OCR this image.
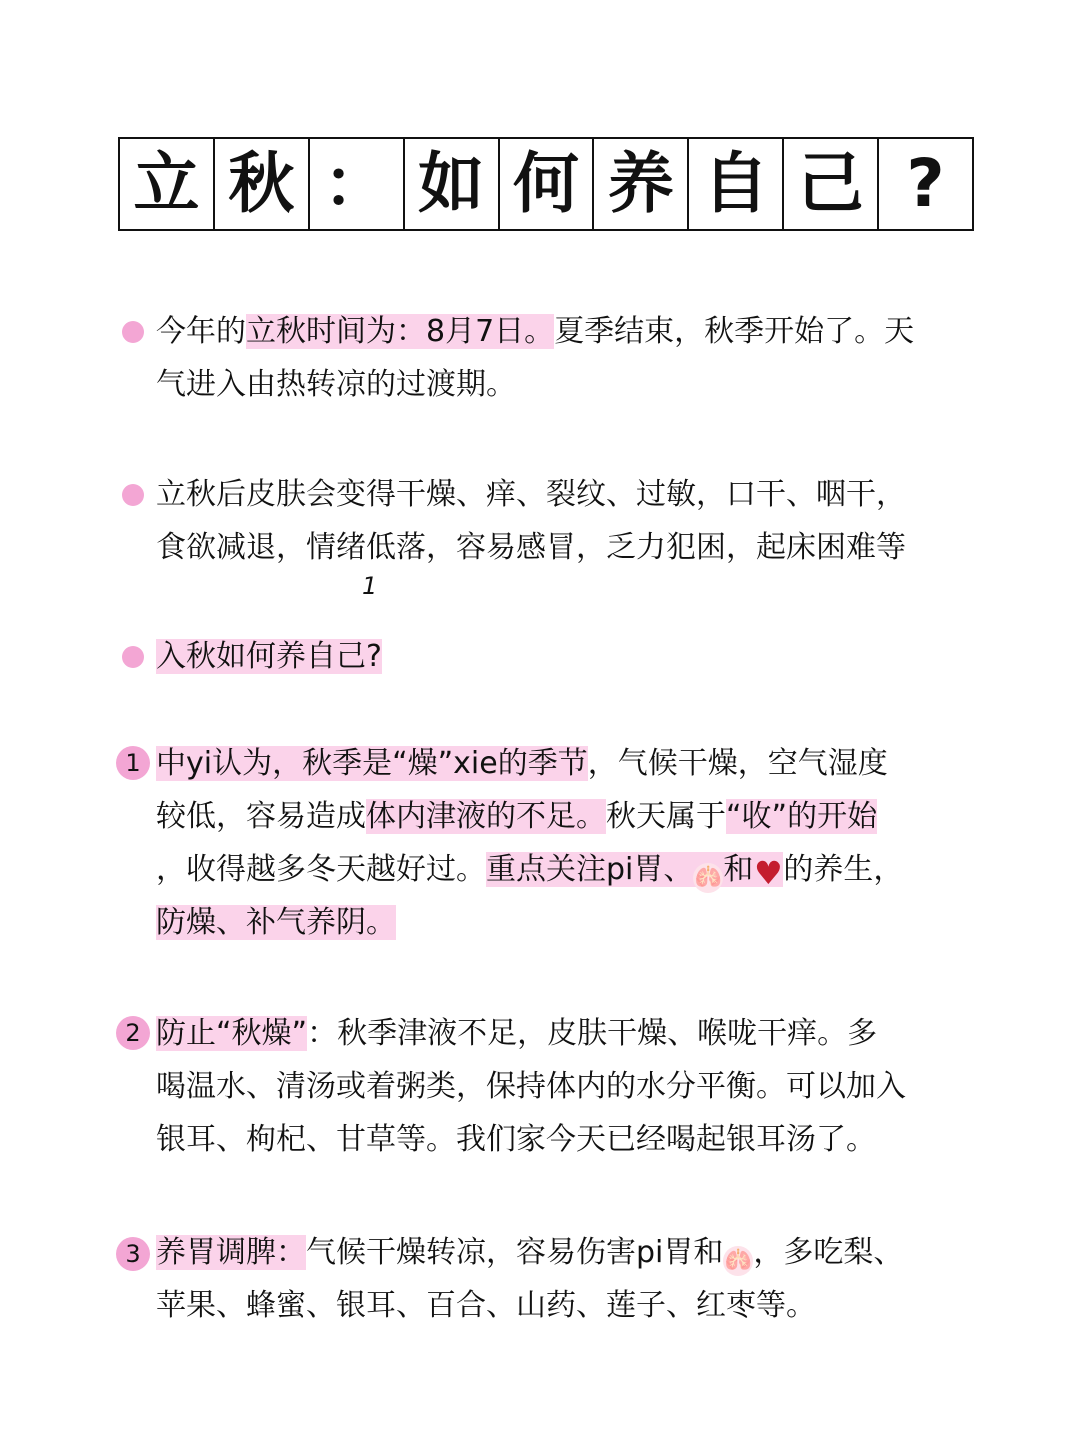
立 秋 ： 如 何 养 自 己 ?
今年的立秋时间为：8月7日。夏季结束，秋季开始了。天
气进入由热转凉的过渡期。
立秋后皮肤会变得干燥、痒、裂纹、过敏，口干、咽干，
食欲减退，情绪低落，容易感冒，乏力犯困，起床困难等
1
入秋如何养自己?
1 中yi认为，秋季是“燥”xie的季节，气候干燥，空气湿度
较低，容易造成体内津液的不足。秋天属于“收”的开始
，收得越多冬天越好过。重点关注pi胃、🫁和♥的养生，
防燥、补气养阴。
2 防止“秋燥”：秋季津液不足，皮肤干燥、喉咙干痒。多
喝温水、清汤或着粥类，保持体内的水分平衡。可以加入
银耳、枸杞、甘草等。我们家今天已经喝起银耳汤了。
3 养胃调脾：气候干燥转凉，容易伤害pi胃和🫁，多吃梨、
苹果、蜂蜜、银耳、百合、山药、莲子、红枣等。
